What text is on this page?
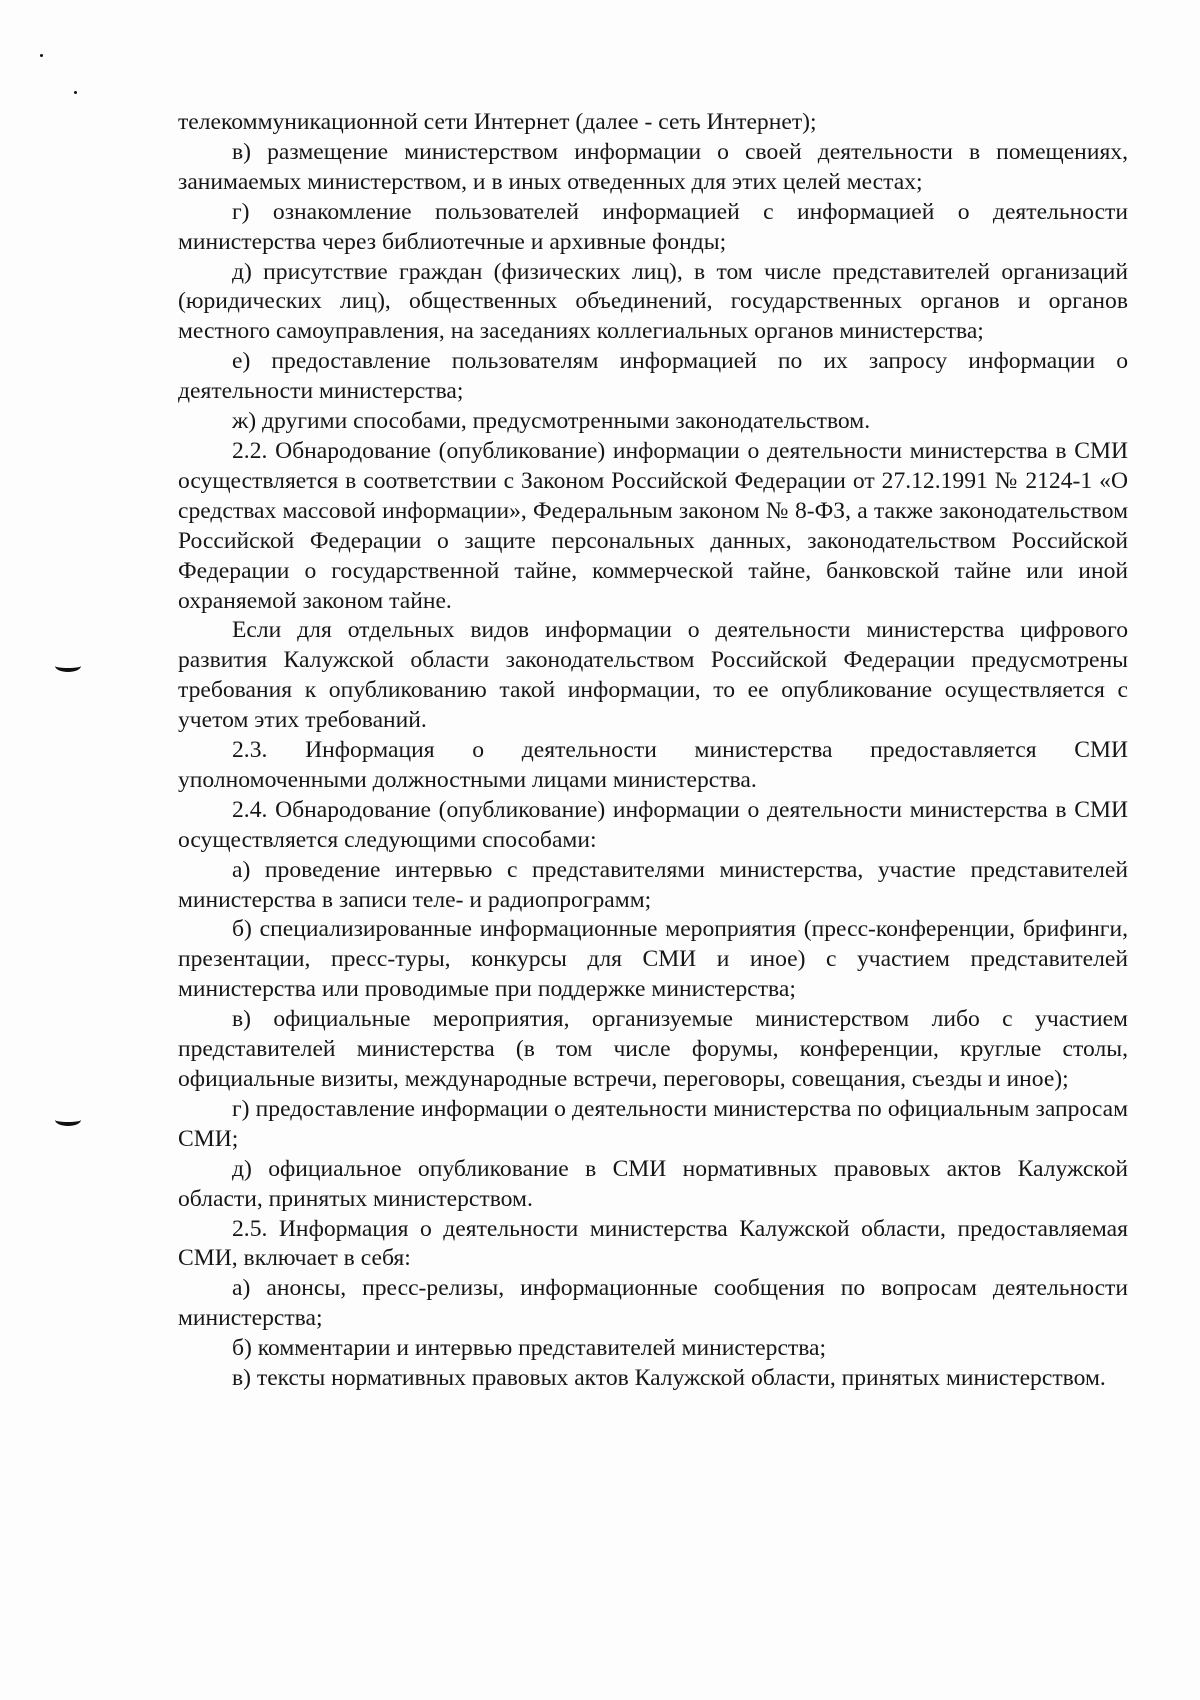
телекоммуникационной сети Интернет (далее - сеть Интернет);

в) размещение министерством информации о своей деятельности в помещениях, занимаемых министерством, и в иных отведенных для этих целей местах;

г) ознакомление пользователей информацией с информацией о деятельности министерства через библиотечные и архивные фонды;

д) присутствие граждан (физических лиц), в том числе представителей организаций (юридических лиц), общественных объединений, государственных органов и органов местного самоуправления, на заседаниях коллегиальных органов министерства;

е) предоставление пользователям информацией по их запросу информации о деятельности министерства;

ж) другими способами, предусмотренными законодательством.

2.2. Обнародование (опубликование) информации о деятельности министерства в СМИ осуществляется в соответствии с Законом Российской Федерации от 27.12.1991 № 2124-1 «О средствах массовой информации», Федеральным законом № 8-ФЗ, а также законодательством Российской Федерации о защите персональных данных, законодательством Российской Федерации о государственной тайне, коммерческой тайне, банковской тайне или иной охраняемой законом тайне.

Если для отдельных видов информации о деятельности министерства цифрового развития Калужской области законодательством Российской Федерации предусмотрены требования к опубликованию такой информации, то ее опубликование осуществляется с учетом этих требований.

2.3. Информация о деятельности министерства предоставляется СМИ уполномоченными должностными лицами министерства.

2.4. Обнародование (опубликование) информации о деятельности министерства в СМИ осуществляется следующими способами:

а) проведение интервью с представителями министерства, участие представителей министерства в записи теле- и радиопрограмм;

б) специализированные информационные мероприятия (пресс-конференции, брифинги, презентации, пресс-туры, конкурсы для СМИ и иное) с участием представителей министерства или проводимые при поддержке министерства;

в) официальные мероприятия, организуемые министерством либо с участием представителей министерства (в том числе форумы, конференции, круглые столы, официальные визиты, международные встречи, переговоры, совещания, съезды и иное);

г) предоставление информации о деятельности министерства по официальным запросам СМИ;

д) официальное опубликование в СМИ нормативных правовых актов Калужской области, принятых министерством.

2.5. Информация о деятельности министерства Калужской области, предоставляемая СМИ, включает в себя:

а) анонсы, пресс-релизы, информационные сообщения по вопросам деятельности министерства;

б) комментарии и интервью представителей министерства;

в) тексты нормативных правовых актов Калужской области, принятых министерством.
